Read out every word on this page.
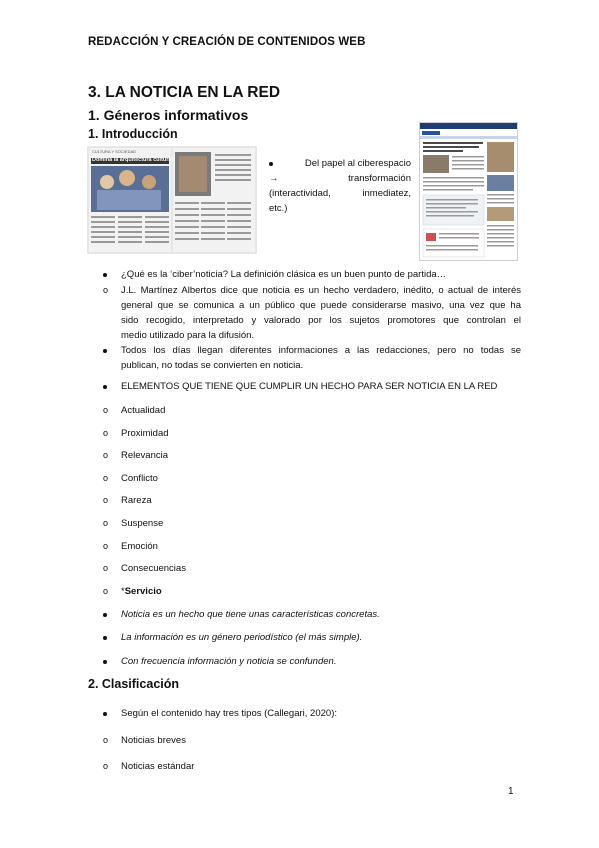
REDACCIÓN Y CREACIÓN DE CONTENIDOS WEB
3. LA NOTICIA EN LA RED
1. Géneros informativos
1. Introducción
CULTURA Y SOCIEDAD
Domina la arquitectura cultural	Del papel al ciberespacio
→ transformación
(interactividad, inmediatez,
etc.)
¿Qué es la ‘ciber’noticia? La definición clásica es un buen punto de partida…
o	J.L. Martínez Albertos dice que noticia es un hecho verdadero, inédito, o actual de interés
general que se comunica a un público que puede considerarse masivo, una vez que ha
sido recogido, interpretado y valorado por los sujetos promotores que controlan el
medio utilizado para la difusión.
Todos los días llegan diferentes informaciones a las redacciones, pero no todas se
publican, no todas se convierten en noticia.
ELEMENTOS QUE TIENE QUE CUMPLIR UN HECHO PARA SER NOTICIA EN LA RED
o	Actualidad
o	Proximidad
o	Relevancia
o	Conflicto
o	Rareza
o	Suspense
o	Emoción
o	Consecuencias
o	*Servicio
Noticia es un hecho que tiene unas características concretas.
La información es un género periodístico (el más simple).
Con frecuencia información y noticia se confunden.
2. Clasificación
Según el contenido hay tres tipos (Callegari, 2020):
o	Noticias breves
o	Noticias estándar
1
